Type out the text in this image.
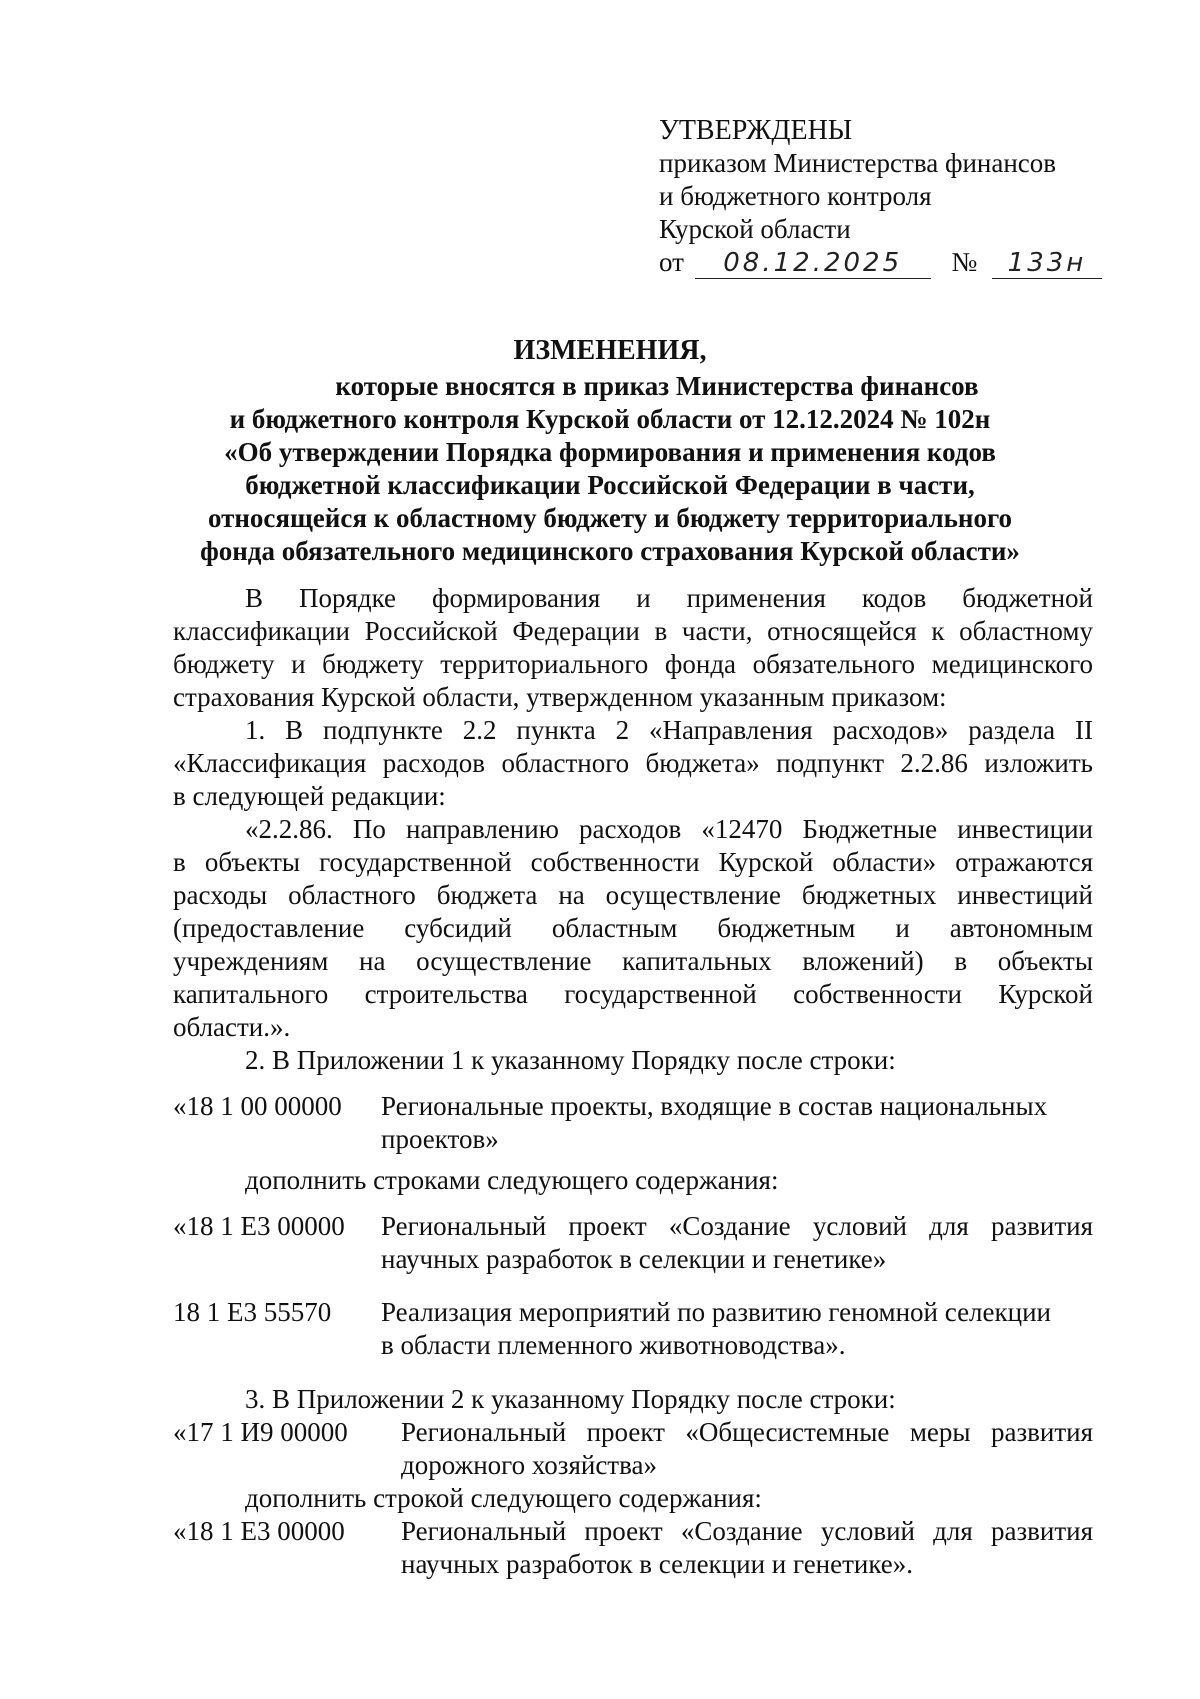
УТВЕРЖДЕНЫ
приказом Министерства финансов
и бюджетного контроля
Курской области
от 08.12.2025 № 133н
ИЗМЕНЕНИЯ,
которые вносятся в приказ Министерства финансов
и бюджетного контроля Курской области от 12.12.2024 № 102н
«Об утверждении Порядка формирования и применения кодов
бюджетной классификации Российской Федерации в части,
относящейся к областному бюджету и бюджету территориального
фонда обязательного медицинского страхования Курской области»
В Порядке формирования и применения кодов бюджетной
классификации Российской Федерации в части, относящейся к областному
бюджету и бюджету территориального фонда обязательного медицинского
страхования Курской области, утвержденном указанным приказом:
1. В подпункте 2.2 пункта 2 «Направления расходов» раздела II
«Классификация расходов областного бюджета» подпункт 2.2.86 изложить
в следующей редакции:
«2.2.86. По направлению расходов «12470 Бюджетные инвестиции
в объекты государственной собственности Курской области» отражаются
расходы областного бюджета на осуществление бюджетных инвестиций
(предоставление субсидий областным бюджетным и автономным
учреждениям на осуществление капитальных вложений) в объекты
капитального строительства государственной собственности Курской
области.».
2. В Приложении 1 к указанному Порядку после строки:
«18 1 00 00000 Региональные проекты, входящие в состав национальных
проектов»
дополнить строками следующего содержания:
«18 1 E3 00000 Региональный проект «Создание условий для развития
научных разработок в селекции и генетике»
18 1 E3 55570 Реализация мероприятий по развитию геномной селекции
в области племенного животноводства».
3. В Приложении 2 к указанному Порядку после строки:
«17 1 И9 00000 Региональный проект «Общесистемные меры развития
дорожного хозяйства»
дополнить строкой следующего содержания:
«18 1 E3 00000 Региональный проект «Создание условий для развития
научных разработок в селекции и генетике».
